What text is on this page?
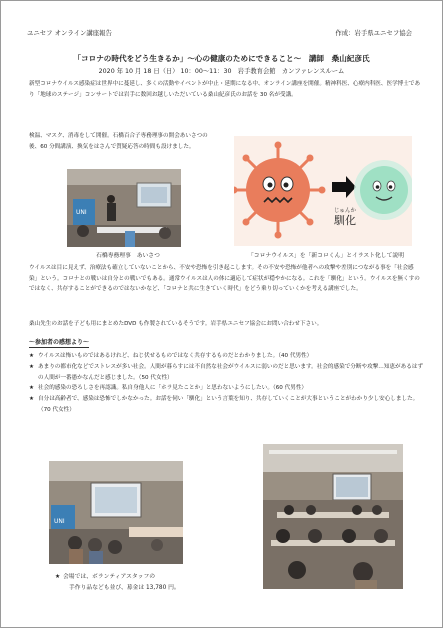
ユニセフ オンライン講座報告	作成：岩手県ユニセフ協会
「コロナの時代をどう生きるか」～心の健康のためにできること～　講師　桑山紀彦氏
2020 年 10 月 18 日（日） 10：00～11：30　岩手教育会館　カンファレンスルーム
新型コロナウイルス感染症は世界中に蔓延し、多くの活動やイベントが中止・延期になる中、オンライン講座を開催。精神科医、心療内科医、医学博士であり「地球のステージ」コンサートでは岩手に数回お越しいただいている桑山紀彦氏のお話を 30 名が受講。
検温、マスク、消毒をして開催。石橋百合子専務理事の開会あいさつの後、60 分間講演、換気をはさんで質疑応答の時間も設けました。
UNI
石橋専務理事　あいさつ
じゅんか
馴化
「コロナウイルス」を「新コロくん」とイラスト化して説明
ウイルスは目に見えず、治療法も確立していないことから、不安や恐怖を引き起こします。その不安や恐怖が他者への攻撃や差別につながる事を「社会感染」という。コロナとの戦いは自分との戦いでもある。通常ウイルスは人の体に適応して症状が穏やかになる。これを「馴化」という。ウイルスを無くすのではなく、共存することができるのではないかなど、「コロナと共に生きていく時代」をどう乗り切っていくかを考える講座でした。
桑山先生のお話を子ども用にまとめたDVD も作製されているそうです。岩手県ユニセフ協会にお問い合わせ下さい。
～参加者の感想より～
★ ウイルスは怖いものではあるけれど、ねじ伏せるものではなく共存するものだとわかりました。（40 代男性）
★ あまりの都市化などでストレスが多い社会。人間が暮らすには不自然な社会がウイルスに弱いのだと思います。社会的感染で分断や攻撃…知恵があるはずの人間が一番愚かなんだと感じました。（50 代女性）
★ 社会的感染の恐ろしさを再認識。私自身他人に「ホラ見たことか」と思わないようにしたい。（60 代男性）
★ 自分は高齢者で、感染は恐怖でしかなかった。お話を伺い「馴化」という言葉を知り、共存していくことが大事ということがわかり少し安心しました。（70 代女性）
UNI
★ 会場では、ボランティアスタッフの
手作り品なども並び、募金は 13,780 円。
